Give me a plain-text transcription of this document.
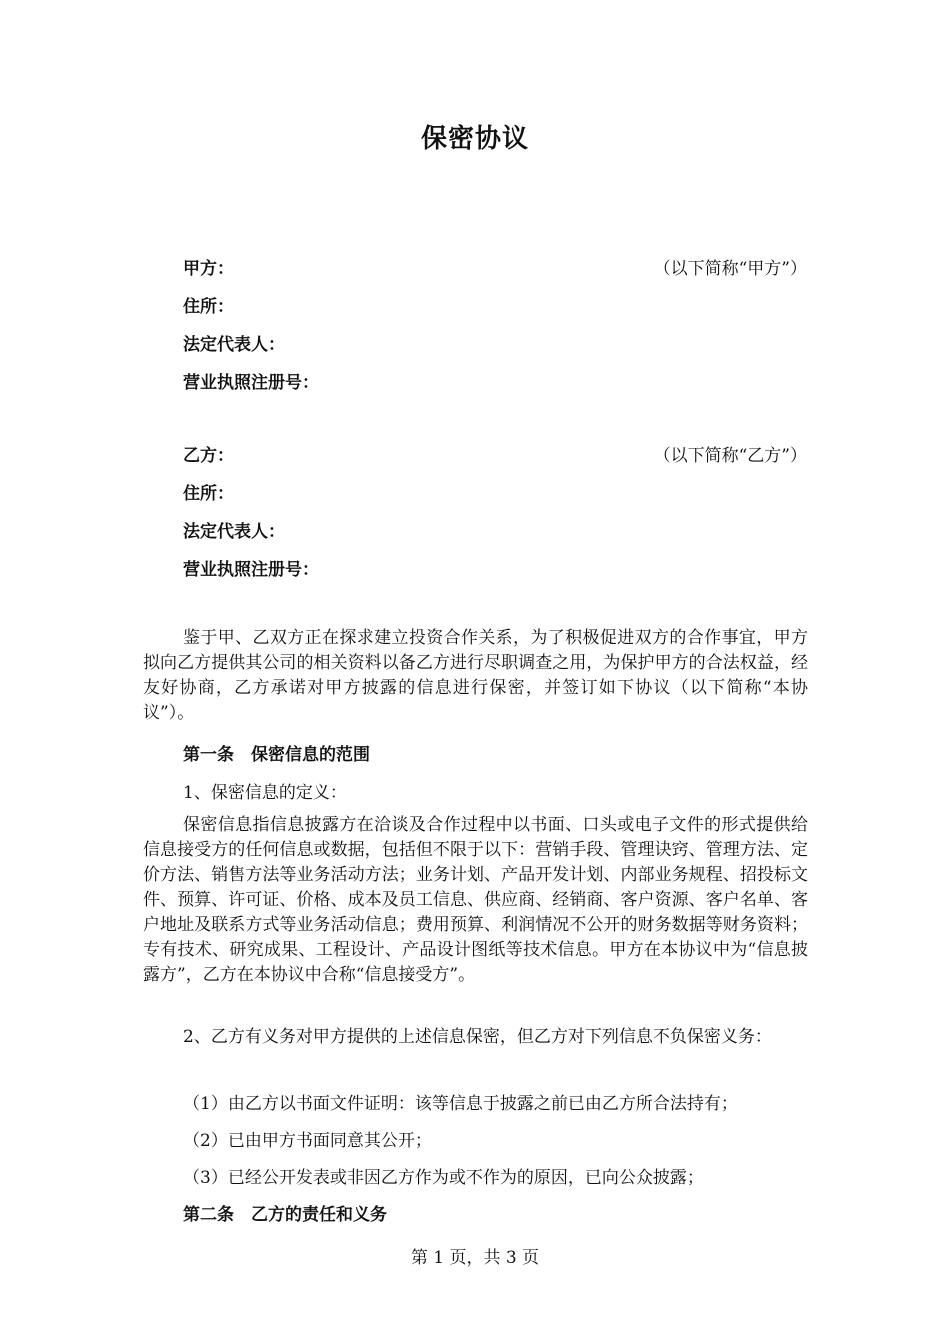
保密协议
甲方：	（以下简称“甲方”）
住所：
法定代表人：
营业执照注册号：
乙方：	（以下简称“乙方”）
住所：
法定代表人：
营业执照注册号：
鉴于甲、乙双方正在探求建立投资合作关系，为了积极促进双方的合作事宜，甲方拟向乙方提供其公司的相关资料以备乙方进行尽职调查之用，为保护甲方的合法权益，经友好协商，乙方承诺对甲方披露的信息进行保密，并签订如下协议（以下简称“本协议”）。
第一条　保密信息的范围
1、保密信息的定义：
保密信息指信息披露方在洽谈及合作过程中以书面、口头或电子文件的形式提供给信息接受方的任何信息或数据，包括但不限于以下：营销手段、管理诀窍、管理方法、定价方法、销售方法等业务活动方法；业务计划、产品开发计划、内部业务规程、招投标文件、预算、许可证、价格、成本及员工信息、供应商、经销商、客户资源、客户名单、客户地址及联系方式等业务活动信息；费用预算、利润情况不公开的财务数据等财务资料；专有技术、研究成果、工程设计、产品设计图纸等技术信息。甲方在本协议中为“信息披露方”，乙方在本协议中合称“信息接受方”。
2、乙方有义务对甲方提供的上述信息保密，但乙方对下列信息不负保密义务：
（1）由乙方以书面文件证明：该等信息于披露之前已由乙方所合法持有；
（2）已由甲方书面同意其公开；
（3）已经公开发表或非因乙方作为或不作为的原因，已向公众披露；
第二条　乙方的责任和义务
第 1 页，共 3 页
